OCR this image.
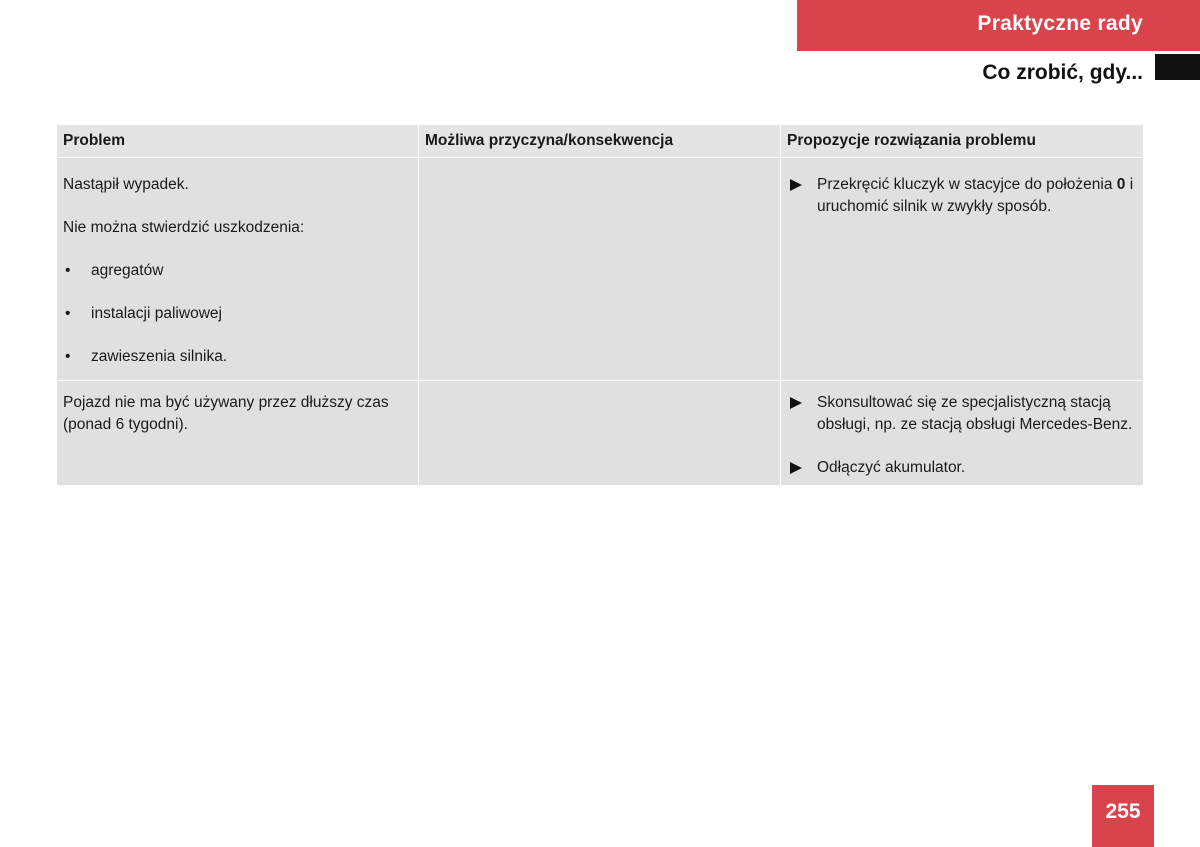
Praktyczne rady
Co zrobić, gdy...
Problem	Możliwa przyczyna/konsekwencja	Propozycje rozwiązania problemu

Nastąpił wypadek.

Nie można stwierdzić uszkodzenia:

• agregatów
• instalacji paliwowej
• zawieszenia silnika.
Przekręcić kluczyk w stacyjce do położenia 0 i uruchomić silnik w zwykły sposób.

Pojazd nie ma być używany przez dłuższy czas (ponad 6 tygodni).

Skonsultować się ze specjalistyczną stacją obsługi, np. ze stacją obsługi Mercedes-Benz.
Odłączyć akumulator.
255
